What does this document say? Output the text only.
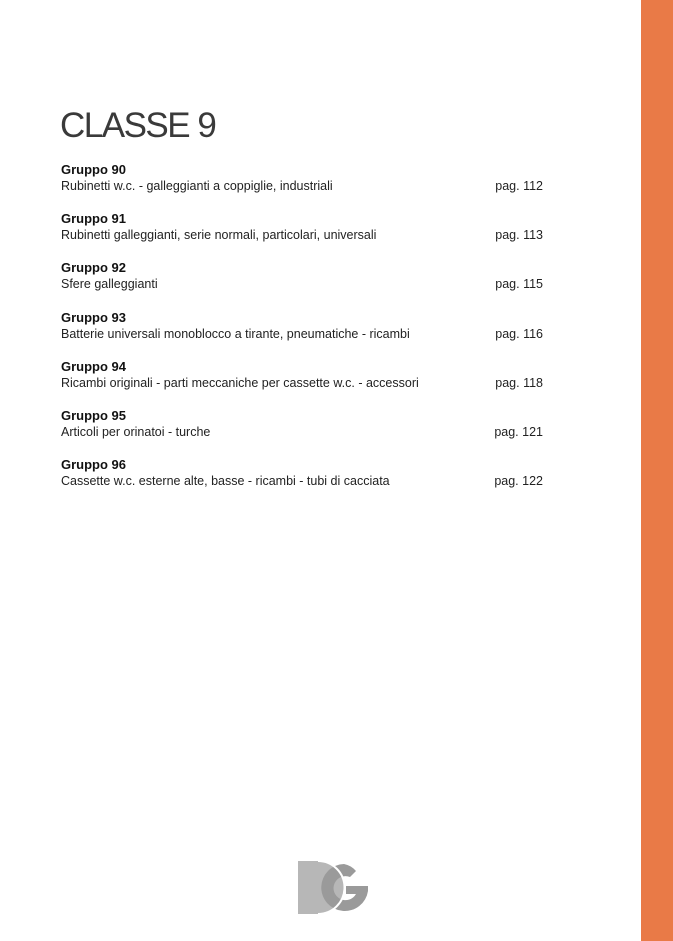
CLASSE 9
Gruppo 90
Rubinetti w.c. - galleggianti a coppiglie, industriali	pag. 112
Gruppo 91
Rubinetti galleggianti, serie normali, particolari, universali	pag. 113
Gruppo 92
Sfere galleggianti	pag. 115
Gruppo 93
Batterie universali monoblocco a tirante, pneumatiche - ricambi	pag. 116
Gruppo 94
Ricambi originali - parti meccaniche per cassette w.c. - accessori	pag. 118
Gruppo 95
Articoli per orinatoi - turche	pag. 121
Gruppo 96
Cassette w.c. esterne alte, basse - ricambi - tubi di cacciata	pag. 122
